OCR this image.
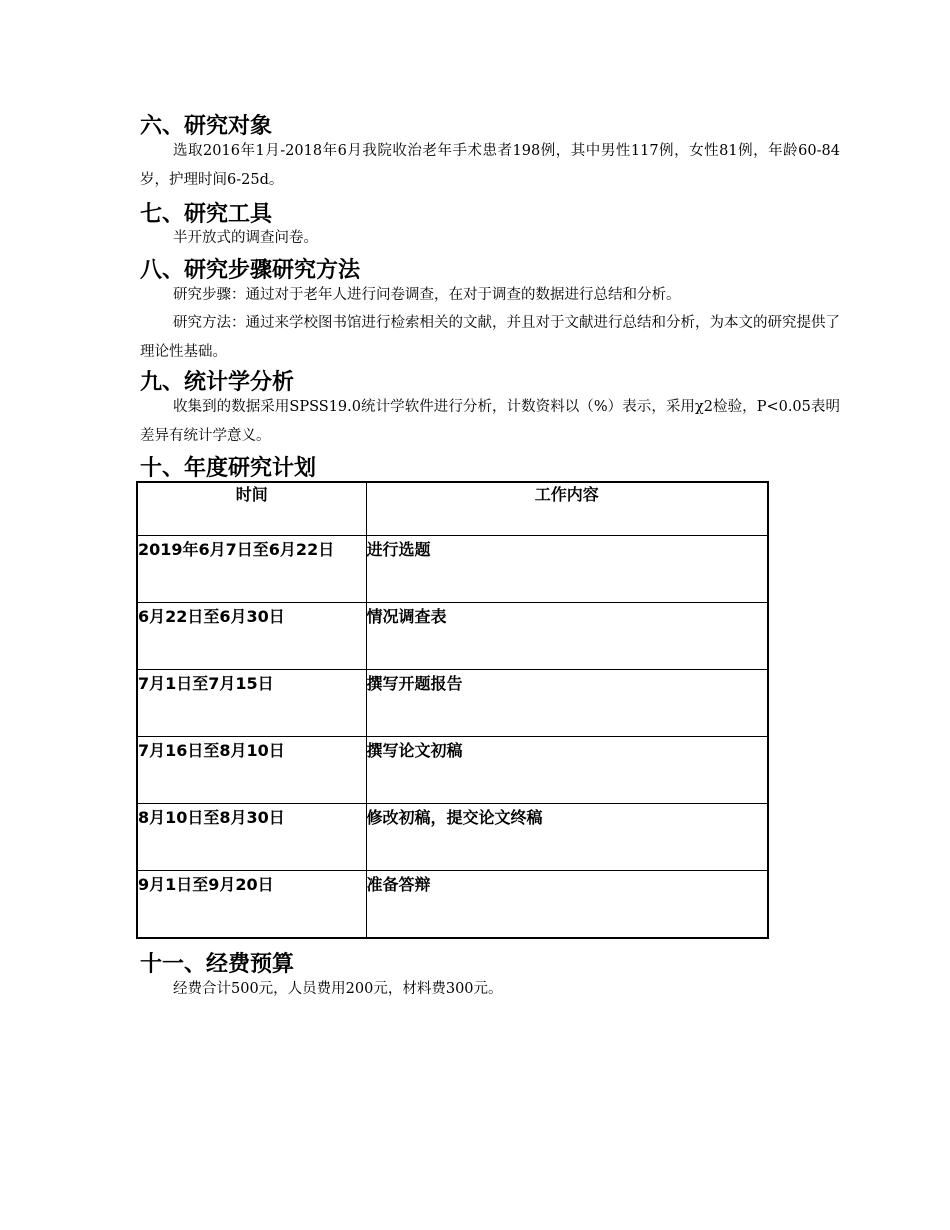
六、研究对象

选取2016年1月-2018年6月我院收治老年手术患者198例，其中男性117例，女性81例，年龄60-84岁，护理时间6-25d。

七、研究工具

半开放式的调查问卷。

八、研究步骤研究方法

研究步骤：通过对于老年人进行问卷调查，在对于调查的数据进行总结和分析。

研究方法：通过来学校图书馆进行检索相关的文献，并且对于文献进行总结和分析，为本文的研究提供了理论性基础。

九、统计学分析

收集到的数据采用SPSS19.0统计学软件进行分析，计数资料以（%）表示，采用χ2检验，P<0.05表明差异有统计学意义。

十、年度研究计划
时间	工作内容
2019年6月7日至6月22日	进行选题
6月22日至6月30日	情况调查表
7月1日至7月15日	撰写开题报告
7月16日至8月10日	撰写论文初稿
8月10日至8月30日	修改初稿，提交论文终稿
9月1日至9月20日	准备答辩
十一、经费预算

经费合计500元，人员费用200元，材料费300元。
